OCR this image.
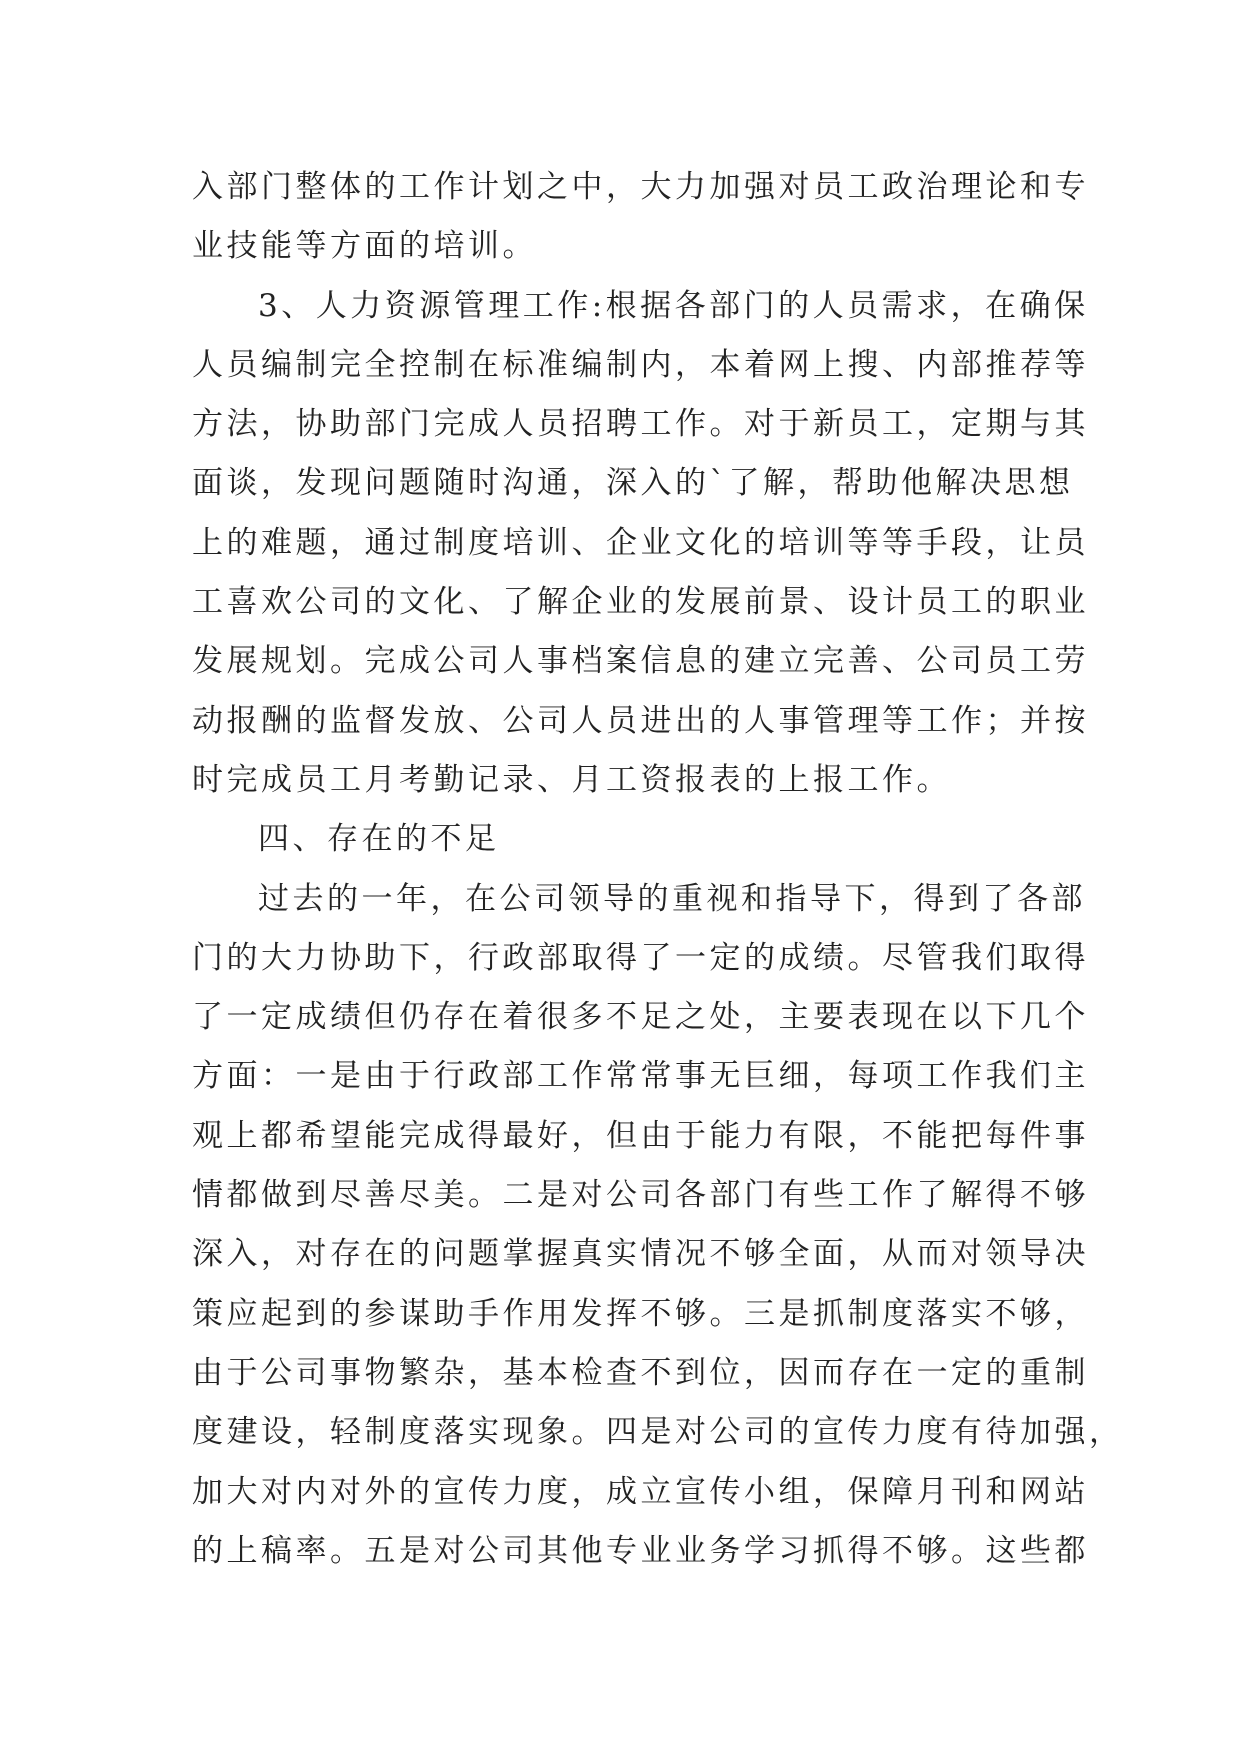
入部门整体的工作计划之中，大力加强对员工政治理论和专
业技能等方面的培训。
3、人力资源管理工作:根据各部门的人员需求，在确保
人员编制完全控制在标准编制内，本着网上搜、内部推荐等
方法，协助部门完成人员招聘工作。对于新员工，定期与其
面谈，发现问题随时沟通，深入的`了解，帮助他解决思想
上的难题，通过制度培训、企业文化的培训等等手段，让员
工喜欢公司的文化、了解企业的发展前景、设计员工的职业
发展规划。完成公司人事档案信息的建立完善、公司员工劳
动报酬的监督发放、公司人员进出的人事管理等工作；并按
时完成员工月考勤记录、月工资报表的上报工作。
四、存在的不足
过去的一年，在公司领导的重视和指导下，得到了各部
门的大力协助下，行政部取得了一定的成绩。尽管我们取得
了一定成绩但仍存在着很多不足之处，主要表现在以下几个
方面：一是由于行政部工作常常事无巨细，每项工作我们主
观上都希望能完成得最好，但由于能力有限，不能把每件事
情都做到尽善尽美。二是对公司各部门有些工作了解得不够
深入，对存在的问题掌握真实情况不够全面，从而对领导决
策应起到的参谋助手作用发挥不够。三是抓制度落实不够，
由于公司事物繁杂，基本检查不到位，因而存在一定的重制
度建设，轻制度落实现象。四是对公司的宣传力度有待加强，
加大对内对外的宣传力度，成立宣传小组，保障月刊和网站
的上稿率。五是对公司其他专业业务学习抓得不够。这些都
